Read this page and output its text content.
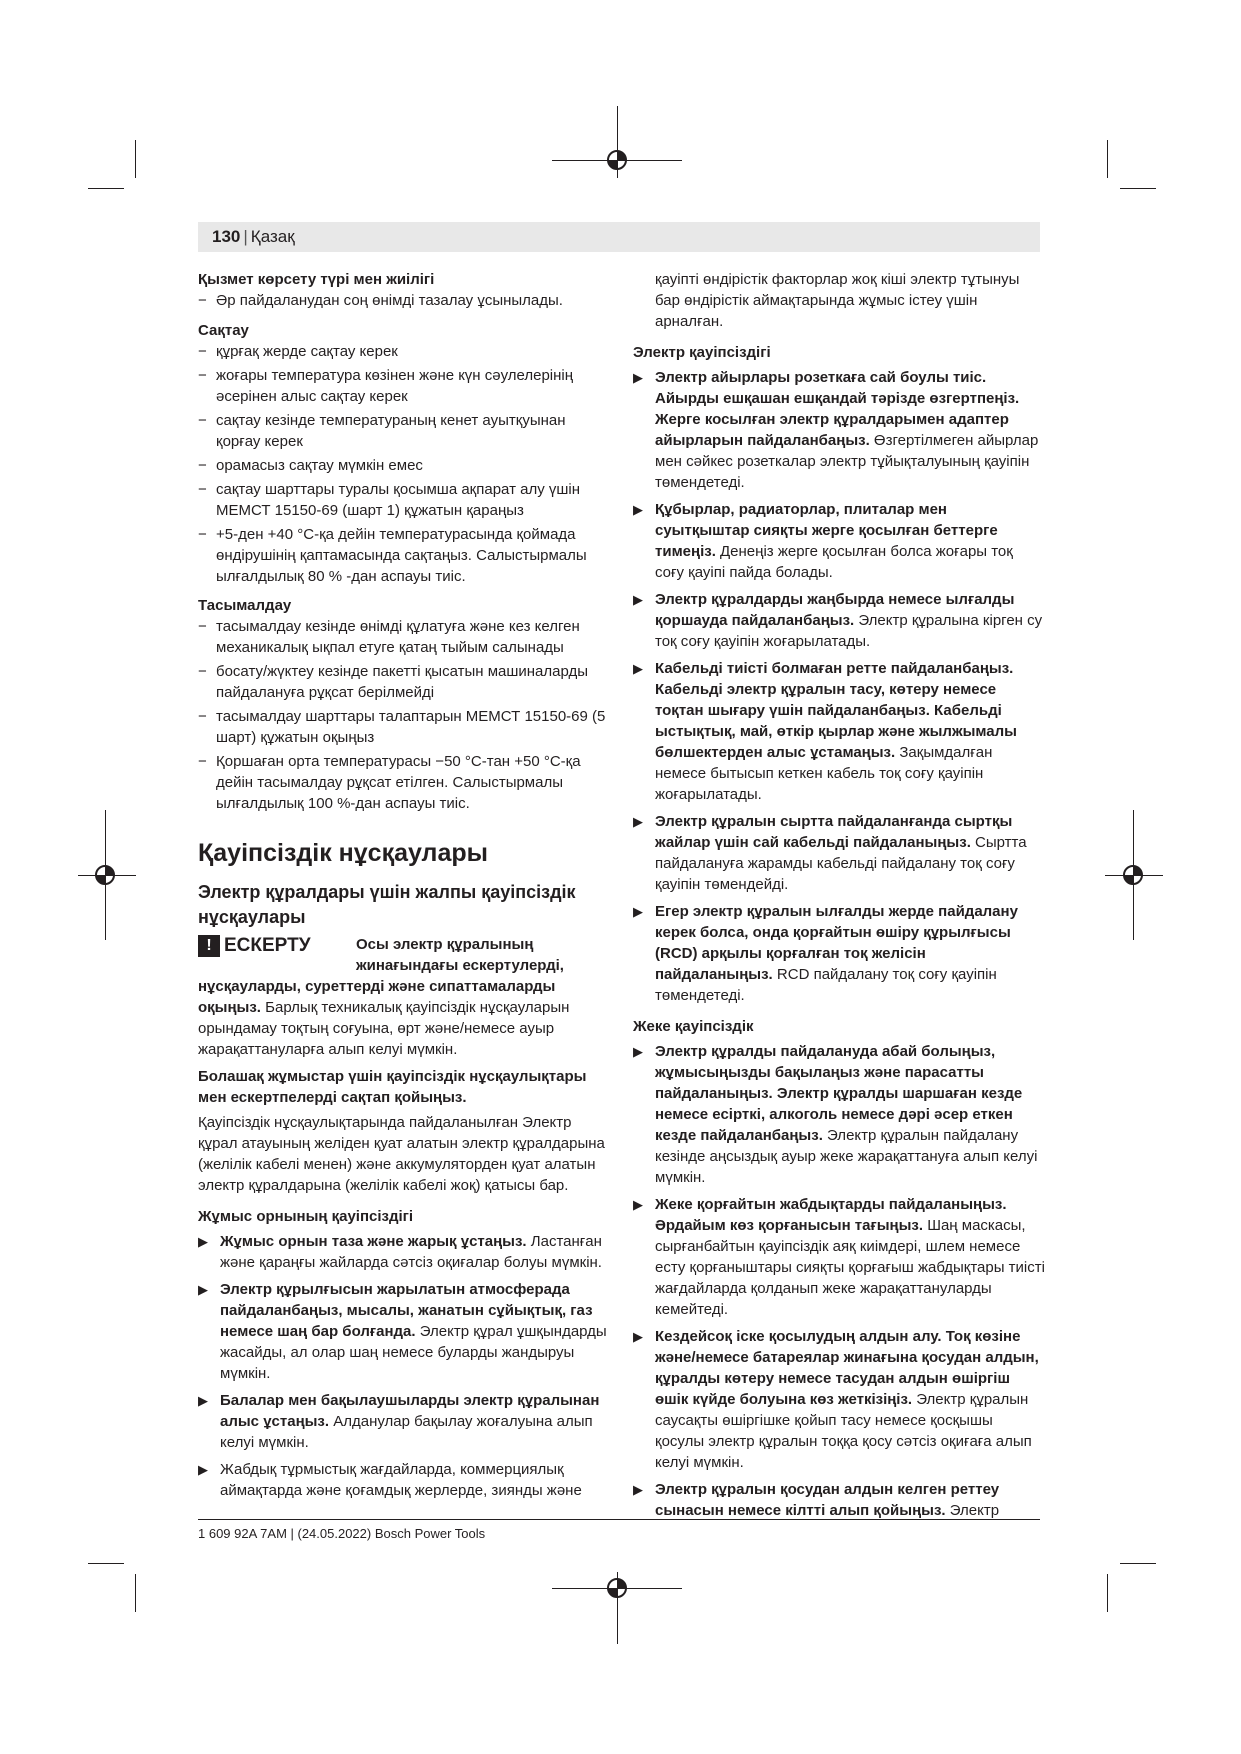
130 | Қазақ
Қызмет көрсету түрі мен жиілігі
− Әр пайдаланудан соң өнімді тазалау ұсынылады.
Сақтау
− құрғақ жерде сақтау керек
− жоғары температура көзінен және күн сәулелерінің әсерінен алыс сақтау керек
− сақтау кезінде температураның кенет ауытқуынан қорғау керек
− орамасыз сақтау мүмкін емес
− сақтау шарттары туралы қосымша ақпарат алу үшін МЕМСТ 15150-69 (шарт 1) құжатын қараңыз
− +5-ден +40 °C-қа дейін температурасында қоймада өндірушінің қаптамасында сақтаңыз. Салыстырмалы ылғалдылық 80 % -дан аспауы тиіс.
Тасымалдау
− тасымалдау кезінде өнімді құлатуға және кез келген механикалық ықпал етуге қатаң тыйым салынады
− босату/жүктеу кезінде пакетті қысатын машиналарды пайдалануға рұқсат берілмейді
− тасымалдау шарттары талаптарын МЕМСТ 15150-69 (5 шарт) құжатын оқыңыз
− Қоршаған орта температурасы −50 °C-тан +50 °C-қа дейін тасымалдау рұқсат етілген. Салыстырмалы ылғалдылық 100 %-дан аспауы тиіс.
Қауіпсіздік нұсқаулары
Электр құралдары үшін жалпы қауіпсіздік нұсқаулары
! ЕСКЕРТУ	Осы электр құралының жинағындағы ескертулерді,

нұсқауларды, суреттерді және сипаттамаларды оқыңыз. Барлық техникалық қауіпсіздік нұсқауларын орындамау тоқтың соғуына, өрт және/немесе ауыр жарақаттануларға алып келуі мүмкін.

Болашақ жұмыстар үшін қауіпсіздік нұсқаулықтары мен ескертпелерді сақтап қойыңыз.

Қауіпсіздік нұсқаулықтарында пайдаланылған Электр құрал атауының желіден қуат алатын электр құралдарына (желілік кабелі менен) және аккумуляторден қуат алатын электр құралдарына (желілік кабелі жоқ) қатысы бар.

Жұмыс орнының қауіпсіздігі
▶ Жұмыс орнын таза және жарық ұстаңыз. Ластанған және қараңғы жайларда сәтсіз оқиғалар болуы мүмкін.
▶ Электр құрылғысын жарылатын атмосферада пайдаланбаңыз, мысалы, жанатын сұйықтық, газ немесе шаң бар болғанда. Электр құрал ұшқындарды жасайды, ал олар шаң немесе буларды жандыруы мүмкін.
▶ Балалар мен бақылаушыларды электр құралынан алыс ұстаңыз. Алданулар бақылау жоғалуына алып келуі мүмкін.
▶ Жабдық тұрмыстық жағдайларда, коммерциялық аймақтарда және қоғамдық жерлерде, зиянды және

қауіпті өндірістік факторлар жоқ кіші электр тұтынуы бар өндірістік аймақтарында жұмыс істеу үшін арналған.

Электр қауіпсіздігі
▶ Электр айырлары розеткаға сай боулы тиіс. Айырды ешқашан ешқандай тәрізде өзгертпеңіз. Жерге косылған электр құралдарымен адаптер айырларын пайдаланбаңыз. Өзгертілмеген айырлар мен сәйкес розеткалар электр тұйықталуының қауіпін төмендетеді.
▶ Құбырлар, радиаторлар, плиталар мен суытқыштар сияқты жерге қосылған беттерге тимеңіз. Денеңіз жерге қосылған болса жоғары тоқ соғу қауіпі пайда болады.
▶ Электр құралдарды жаңбырда немесе ылғалды қоршауда пайдаланбаңыз. Электр құралына кірген су тоқ соғу қауіпін жоғарылатады.
▶ Кабельді тиісті болмаған ретте пайдаланбаңыз. Кабельді электр құралын тасу, көтеру немесе тоқтан шығару үшін пайдаланбаңыз. Кабельді ыстықтық, май, өткір қырлар және жылжымалы бөлшектерден алыс ұстамаңыз. Зақымдалған немесе бытысып кеткен кабель тоқ соғу қауіпін жоғарылатады.
▶ Электр құралын сыртта пайдаланғанда сыртқы жайлар үшін сай кабельді пайдаланыңыз. Сыртта пайдалануға жарамды кабельді пайдалану тоқ соғу қауіпін төмендейді.
▶ Егер электр құралын ылғалды жерде пайдалану керек болса, онда қорғайтын өшіру құрылғысы (RCD) арқылы қорғалған тоқ желісін пайдаланыңыз. RCD пайдалану тоқ соғу қауіпін төмендетеді.
Жеке қауіпсіздік
▶ Электр құралды пайдалануда абай болыңыз, жұмысыңызды бақылаңыз және парасатты пайдаланыңыз. Электр құралды шаршаған кезде немесе есірткі, алкоголь немесе дәрі әсер еткен кезде пайдаланбаңыз. Электр құралын пайдалану кезінде аңсыздық ауыр жеке жарақаттануға алып келуі мүмкін.
▶ Жеке қорғайтын жабдықтарды пайдаланыңыз. Әрдайым көз қорғанысын тағыңыз. Шаң маскасы, сырғанбайтын қауіпсіздік аяқ киімдері, шлем немесе есту қорғаныштары сияқты қорғағыш жабдықтары тиісті жағдайларда қолданып жеке жарақаттануларды кемейтеді.
▶ Кездейсоқ іске қосылудың алдын алу. Тоқ көзіне және/немесе батареялар жинағына қосудан алдын, құралды көтеру немесе тасудан алдын өшіргіш өшік күйде болуына көз жеткізіңіз. Электр құралын саусақты өшіргішке қойып тасу немесе қосқышы қосулы электр құралын тоққа қосу сәтсіз оқиғаға алып келуі мүмкін.
▶ Электр құралын қосудан алдын келген реттеу сынасын немесе кілтті алып қойыңыз. Электр
1 609 92A 7AM | (24.05.2022) Bosch Power Tools
